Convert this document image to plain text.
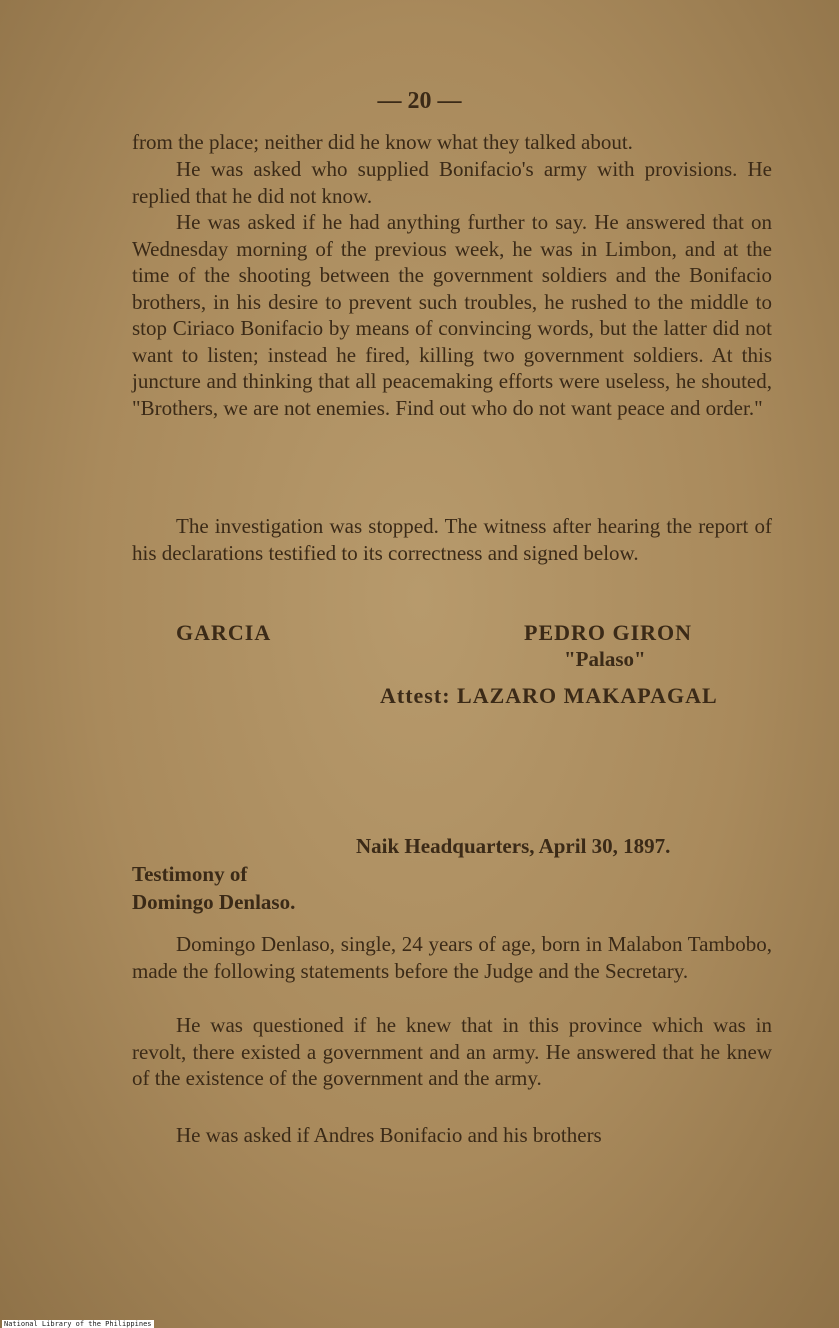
— 20 —

from the place; neither did he know what they talked about.

He was asked who supplied Bonifacio's army with provisions. He replied that he did not know.

He was asked if he had anything further to say. He answered that on Wednesday morning of the previous week, he was in Limbon, and at the time of the shooting between the government soldiers and the Bonifacio brothers, in his desire to prevent such troubles, he rushed to the middle to stop Ciriaco Bonifacio by means of convincing words, but the latter did not want to listen; instead he fired, killing two government soldiers. At this juncture and thinking that all peacemaking efforts were useless, he shouted, "Brothers, we are not enemies. Find out who do not want peace and order."

The investigation was stopped. The witness after hearing the report of his declarations testified to its correctness and signed below.

GARCIA	PEDRO GIRON
"Palaso"
Attest: LAZARO MAKAPAGAL
Naik Headquarters, April 30, 1897.
Testimony of
Domingo Denlaso.

Domingo Denlaso, single, 24 years of age, born in Malabon Tambobo, made the following statements before the Judge and the Secretary.

He was questioned if he knew that in this province which was in revolt, there existed a government and an army. He answered that he knew of the existence of the government and the army.

He was asked if Andres Bonifacio and his brothers

National Library of the Philippines
